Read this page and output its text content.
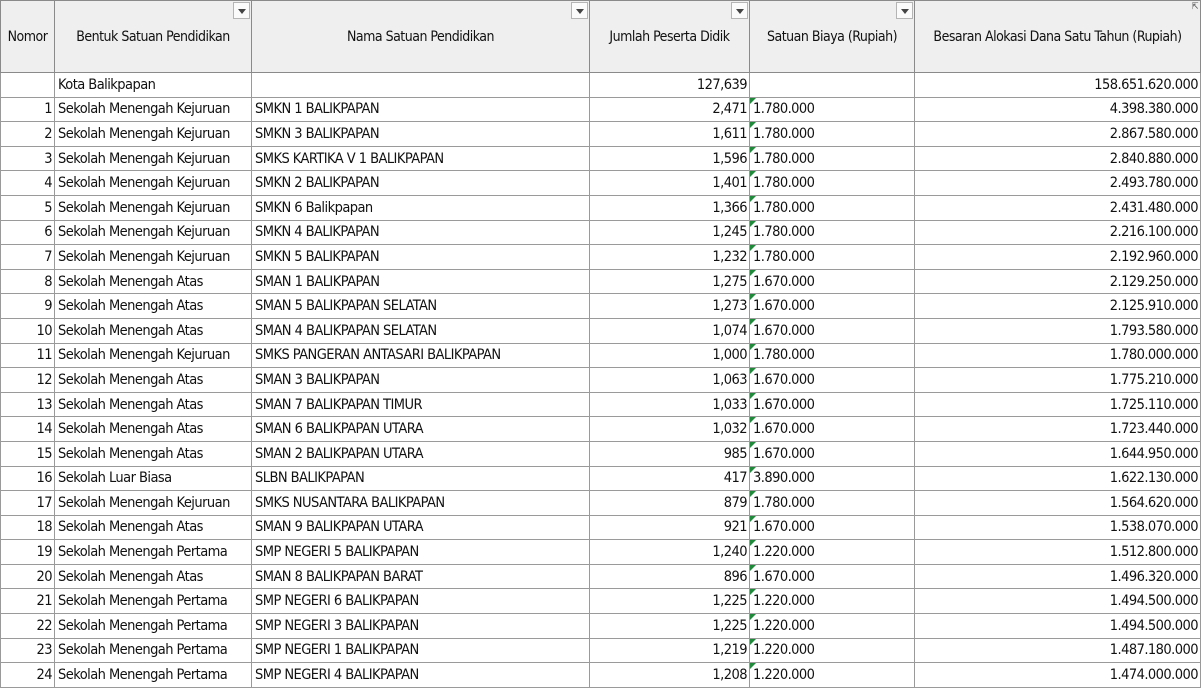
Nomor	Bentuk Satuan Pendidikan	Nama Satuan Pendidikan	Jumlah Peserta Didik	Satuan Biaya (Rupiah)	Besaran Alokasi Dana Satu Tahun (Rupiah)
⇱

	Kota Balikpapan		127,639		158.651.620.000
1	Sekolah Menengah Kejuruan	SMKN 1 BALIKPAPAN	2,471	1.780.000	4.398.380.000
2	Sekolah Menengah Kejuruan	SMKN 3 BALIKPAPAN	1,611	1.780.000	2.867.580.000
3	Sekolah Menengah Kejuruan	SMKS KARTIKA V 1 BALIKPAPAN	1,596	1.780.000	2.840.880.000
4	Sekolah Menengah Kejuruan	SMKN 2 BALIKPAPAN	1,401	1.780.000	2.493.780.000
5	Sekolah Menengah Kejuruan	SMKN 6 Balikpapan	1,366	1.780.000	2.431.480.000
6	Sekolah Menengah Kejuruan	SMKN 4 BALIKPAPAN	1,245	1.780.000	2.216.100.000
7	Sekolah Menengah Kejuruan	SMKN 5 BALIKPAPAN	1,232	1.780.000	2.192.960.000
8	Sekolah Menengah Atas	SMAN 1 BALIKPAPAN	1,275	1.670.000	2.129.250.000
9	Sekolah Menengah Atas	SMAN 5 BALIKPAPAN SELATAN	1,273	1.670.000	2.125.910.000
10	Sekolah Menengah Atas	SMAN 4 BALIKPAPAN SELATAN	1,074	1.670.000	1.793.580.000
11	Sekolah Menengah Kejuruan	SMKS PANGERAN ANTASARI BALIKPAPAN	1,000	1.780.000	1.780.000.000
12	Sekolah Menengah Atas	SMAN 3 BALIKPAPAN	1,063	1.670.000	1.775.210.000
13	Sekolah Menengah Atas	SMAN 7 BALIKPAPAN TIMUR	1,033	1.670.000	1.725.110.000
14	Sekolah Menengah Atas	SMAN 6 BALIKPAPAN UTARA	1,032	1.670.000	1.723.440.000
15	Sekolah Menengah Atas	SMAN 2 BALIKPAPAN UTARA	985	1.670.000	1.644.950.000
16	Sekolah Luar Biasa	SLBN BALIKPAPAN	417	3.890.000	1.622.130.000
17	Sekolah Menengah Kejuruan	SMKS NUSANTARA BALIKPAPAN	879	1.780.000	1.564.620.000
18	Sekolah Menengah Atas	SMAN 9 BALIKPAPAN UTARA	921	1.670.000	1.538.070.000
19	Sekolah Menengah Pertama	SMP NEGERI 5 BALIKPAPAN	1,240	1.220.000	1.512.800.000
20	Sekolah Menengah Atas	SMAN 8 BALIKPAPAN BARAT	896	1.670.000	1.496.320.000
21	Sekolah Menengah Pertama	SMP NEGERI 6 BALIKPAPAN	1,225	1.220.000	1.494.500.000
22	Sekolah Menengah Pertama	SMP NEGERI 3 BALIKPAPAN	1,225	1.220.000	1.494.500.000
23	Sekolah Menengah Pertama	SMP NEGERI 1 BALIKPAPAN	1,219	1.220.000	1.487.180.000
24	Sekolah Menengah Pertama	SMP NEGERI 4 BALIKPAPAN	1,208	1.220.000	1.474.000.000
